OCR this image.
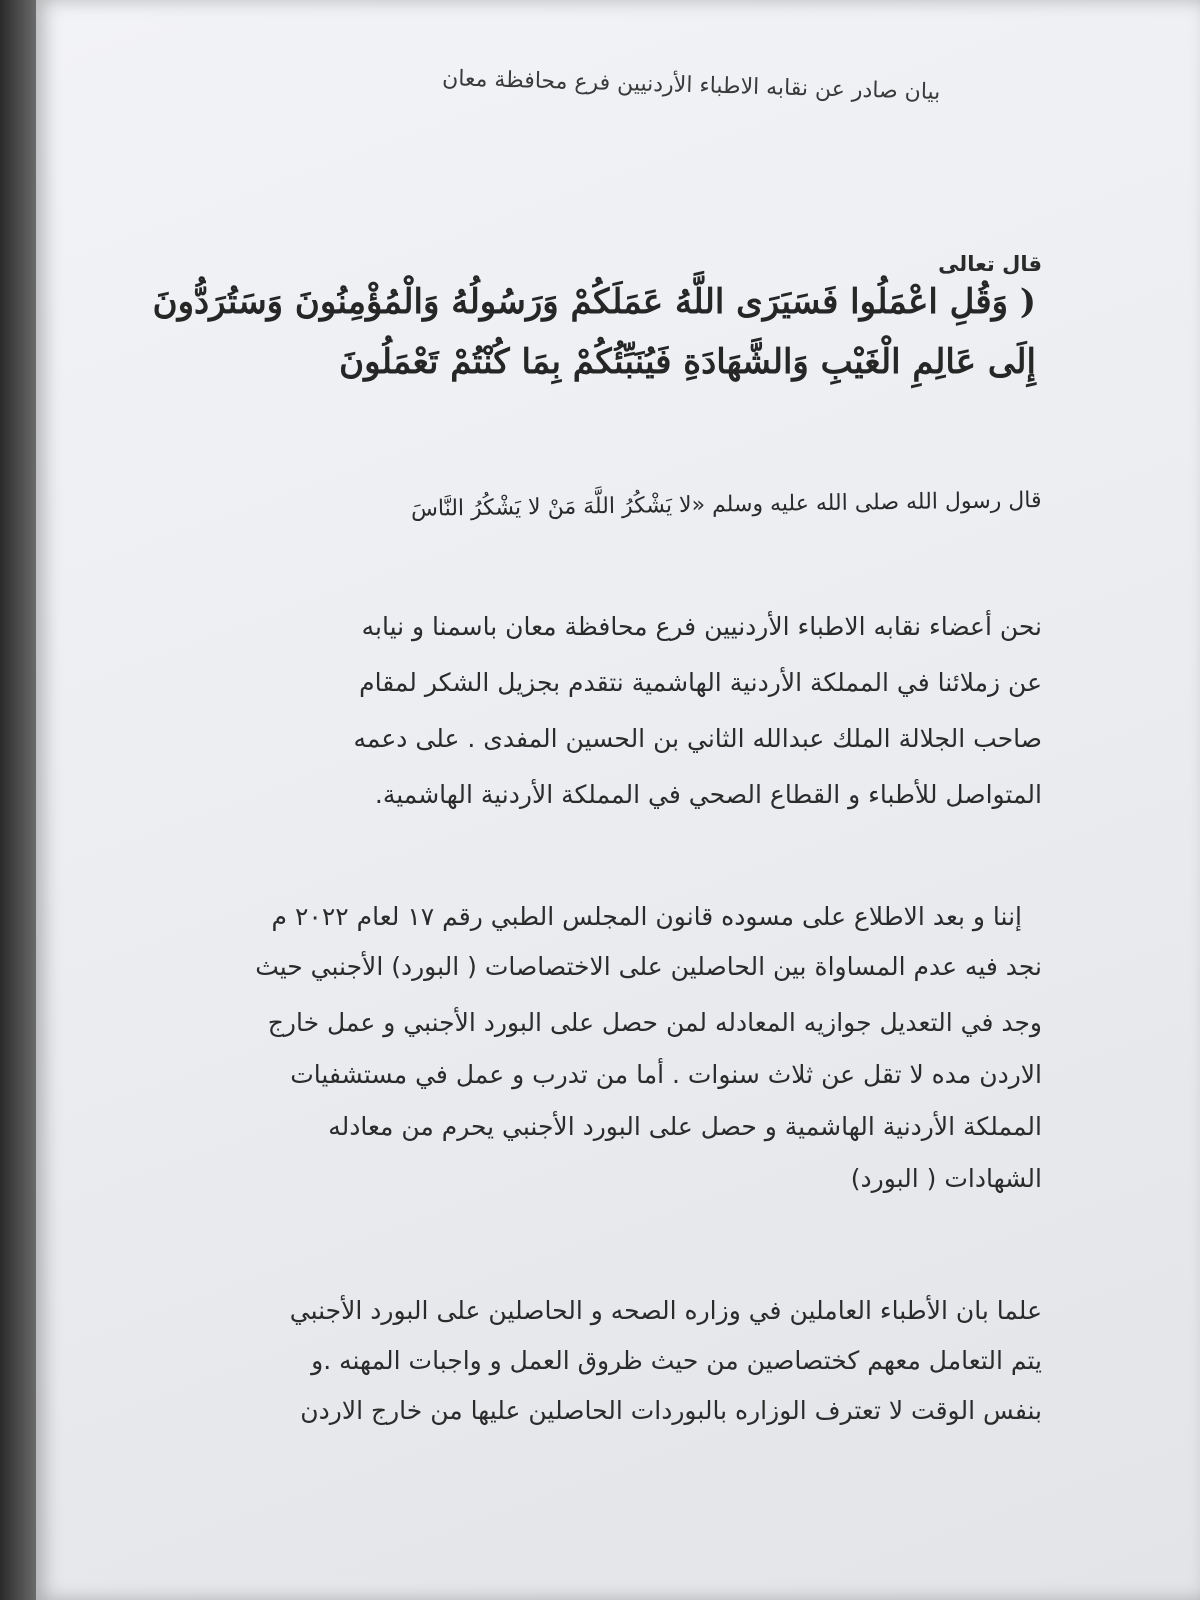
بيان صادر عن نقابه الاطباء الأردنيين فرع محافظة معان
قال تعالى
( وَقُلِ اعْمَلُوا فَسَيَرَى اللَّهُ عَمَلَكُمْ وَرَسُولُهُ وَالْمُؤْمِنُونَ وَسَتُرَدُّونَ
إِلَى عَالِمِ الْغَيْبِ وَالشَّهَادَةِ فَيُنَبِّئُكُمْ بِمَا كُنْتُمْ تَعْمَلُونَ
قال رسول الله صلى الله عليه وسلم «لا يَشْكُرُ اللَّهَ مَنْ لا يَشْكُرُ النَّاسَ
نحن أعضاء نقابه الاطباء الأردنيين فرع محافظة معان باسمنا و نيابه
عن زملائنا في المملكة الأردنية الهاشمية نتقدم بجزيل الشكر لمقام
صاحب الجلالة الملك عبدالله الثاني بن الحسين المفدى . على دعمه
المتواصل للأطباء و القطاع الصحي في المملكة الأردنية الهاشمية.
إننا و بعد الاطلاع على مسوده قانون المجلس الطبي رقم ١٧ لعام ٢٠٢٢ م
نجد فيه عدم المساواة بين الحاصلين على الاختصاصات ( البورد) الأجنبي حيث
وجد في التعديل جوازيه المعادله لمن حصل على البورد الأجنبي و عمل خارج
الاردن مده لا تقل عن ثلاث سنوات . أما من تدرب و عمل في مستشفيات
المملكة الأردنية الهاشمية و حصل على البورد الأجنبي يحرم من معادله
الشهادات ( البورد)
علما بان الأطباء العاملين في وزاره الصحه و الحاصلين على البورد الأجنبي
يتم التعامل معهم كختصاصين من حيث ظروق العمل و واجبات المهنه .و
بنفس الوقت لا تعترف الوزاره بالبوردات الحاصلين عليها من خارج الاردن
